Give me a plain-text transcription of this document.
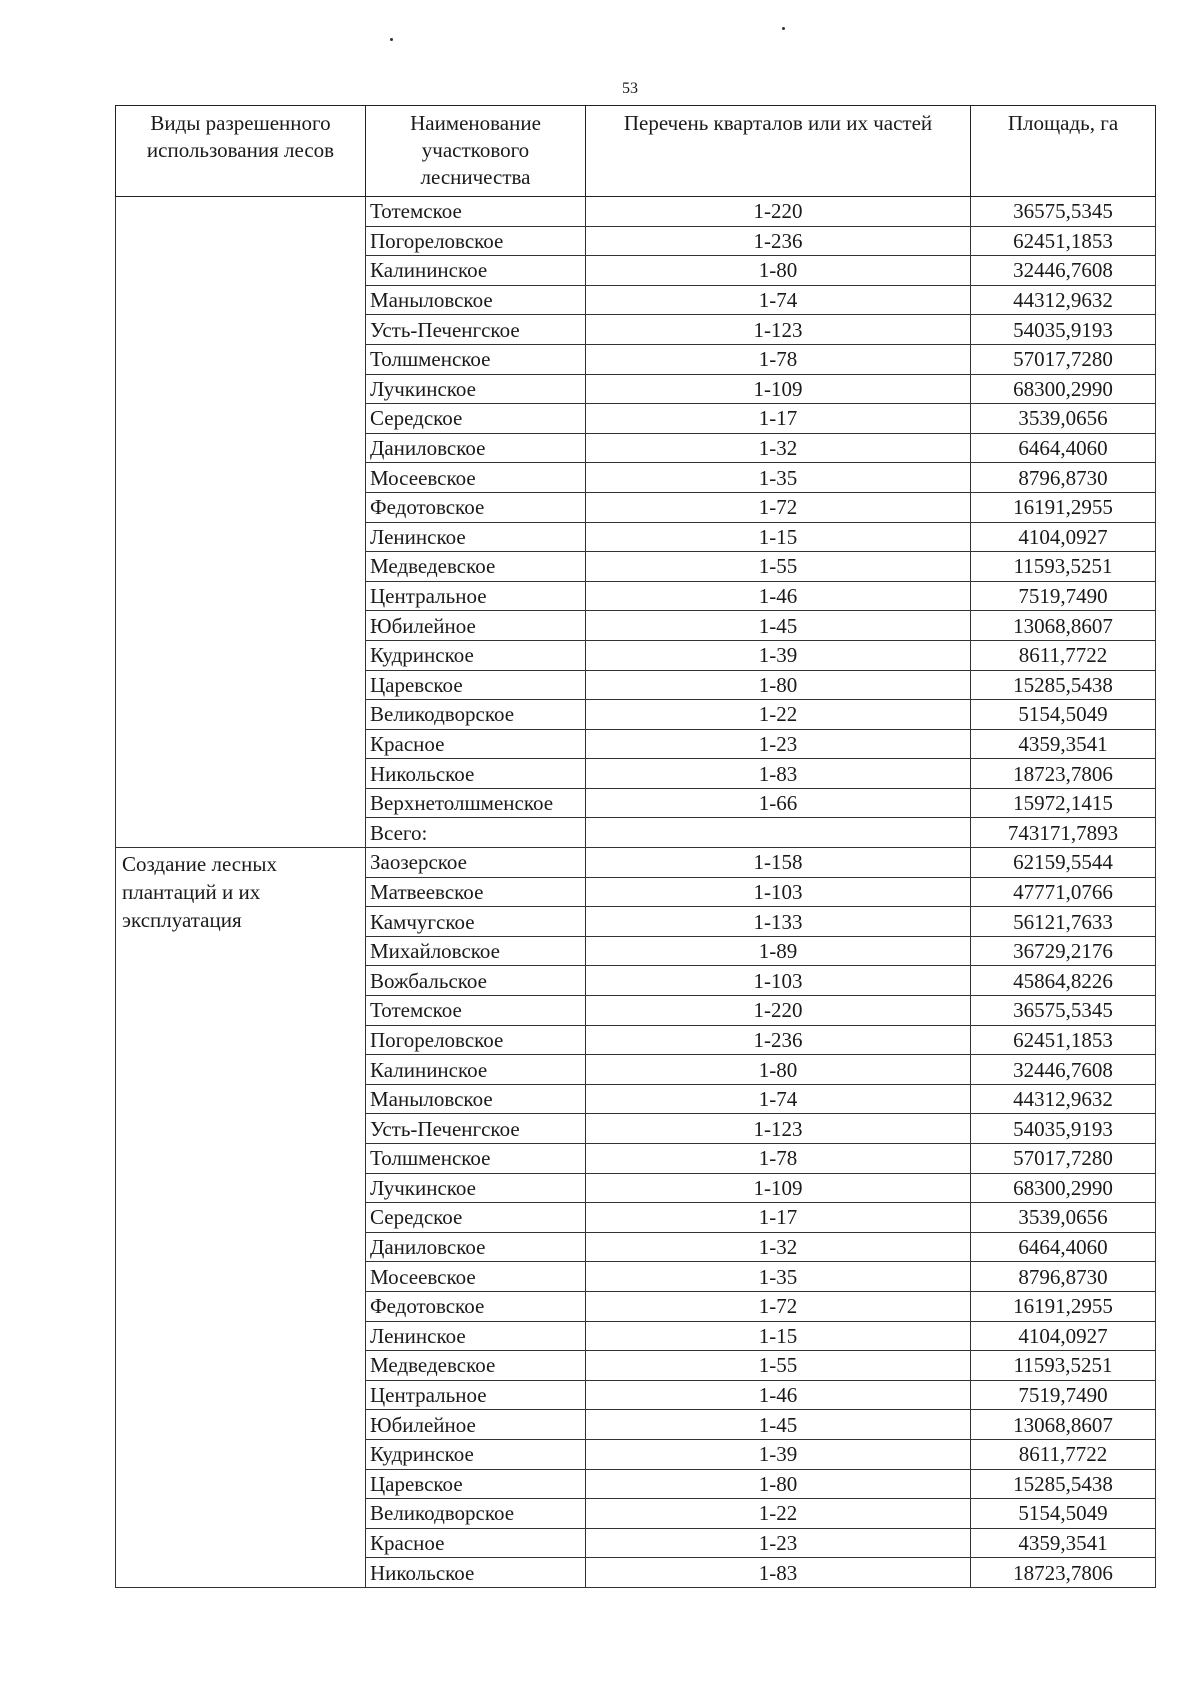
53
Виды разрешенного использования лесов	Наименование участкового лесничества	Перечень кварталов или их частей	Площадь, га
	Тотемское	1-220	36575,5345
	Погореловское	1-236	62451,1853
	Калининское	1-80	32446,7608
	Маныловское	1-74	44312,9632
	Усть-Печенгское	1-123	54035,9193
	Толшменское	1-78	57017,7280
	Лучкинское	1-109	68300,2990
	Середское	1-17	3539,0656
	Даниловское	1-32	6464,4060
	Мосеевское	1-35	8796,8730
	Федотовское	1-72	16191,2955
	Ленинское	1-15	4104,0927
	Медведевское	1-55	11593,5251
	Центральное	1-46	7519,7490
	Юбилейное	1-45	13068,8607
	Кудринское	1-39	8611,7722
	Царевское	1-80	15285,5438
	Великодворское	1-22	5154,5049
	Красное	1-23	4359,3541
	Никольское	1-83	18723,7806
	Верхнетолшменское	1-66	15972,1415
	Всего:		743171,7893
Создание лесных плантаций и их эксплуатация	Заозерское	1-158	62159,5544
	Матвеевское	1-103	47771,0766
	Камчугское	1-133	56121,7633
	Михайловское	1-89	36729,2176
	Вожбальское	1-103	45864,8226
	Тотемское	1-220	36575,5345
	Погореловское	1-236	62451,1853
	Калининское	1-80	32446,7608
	Маныловское	1-74	44312,9632
	Усть-Печенгское	1-123	54035,9193
	Толшменское	1-78	57017,7280
	Лучкинское	1-109	68300,2990
	Середское	1-17	3539,0656
	Даниловское	1-32	6464,4060
	Мосеевское	1-35	8796,8730
	Федотовское	1-72	16191,2955
	Ленинское	1-15	4104,0927
	Медведевское	1-55	11593,5251
	Центральное	1-46	7519,7490
	Юбилейное	1-45	13068,8607
	Кудринское	1-39	8611,7722
	Царевское	1-80	15285,5438
	Великодворское	1-22	5154,5049
	Красное	1-23	4359,3541
	Никольское	1-83	18723,7806
